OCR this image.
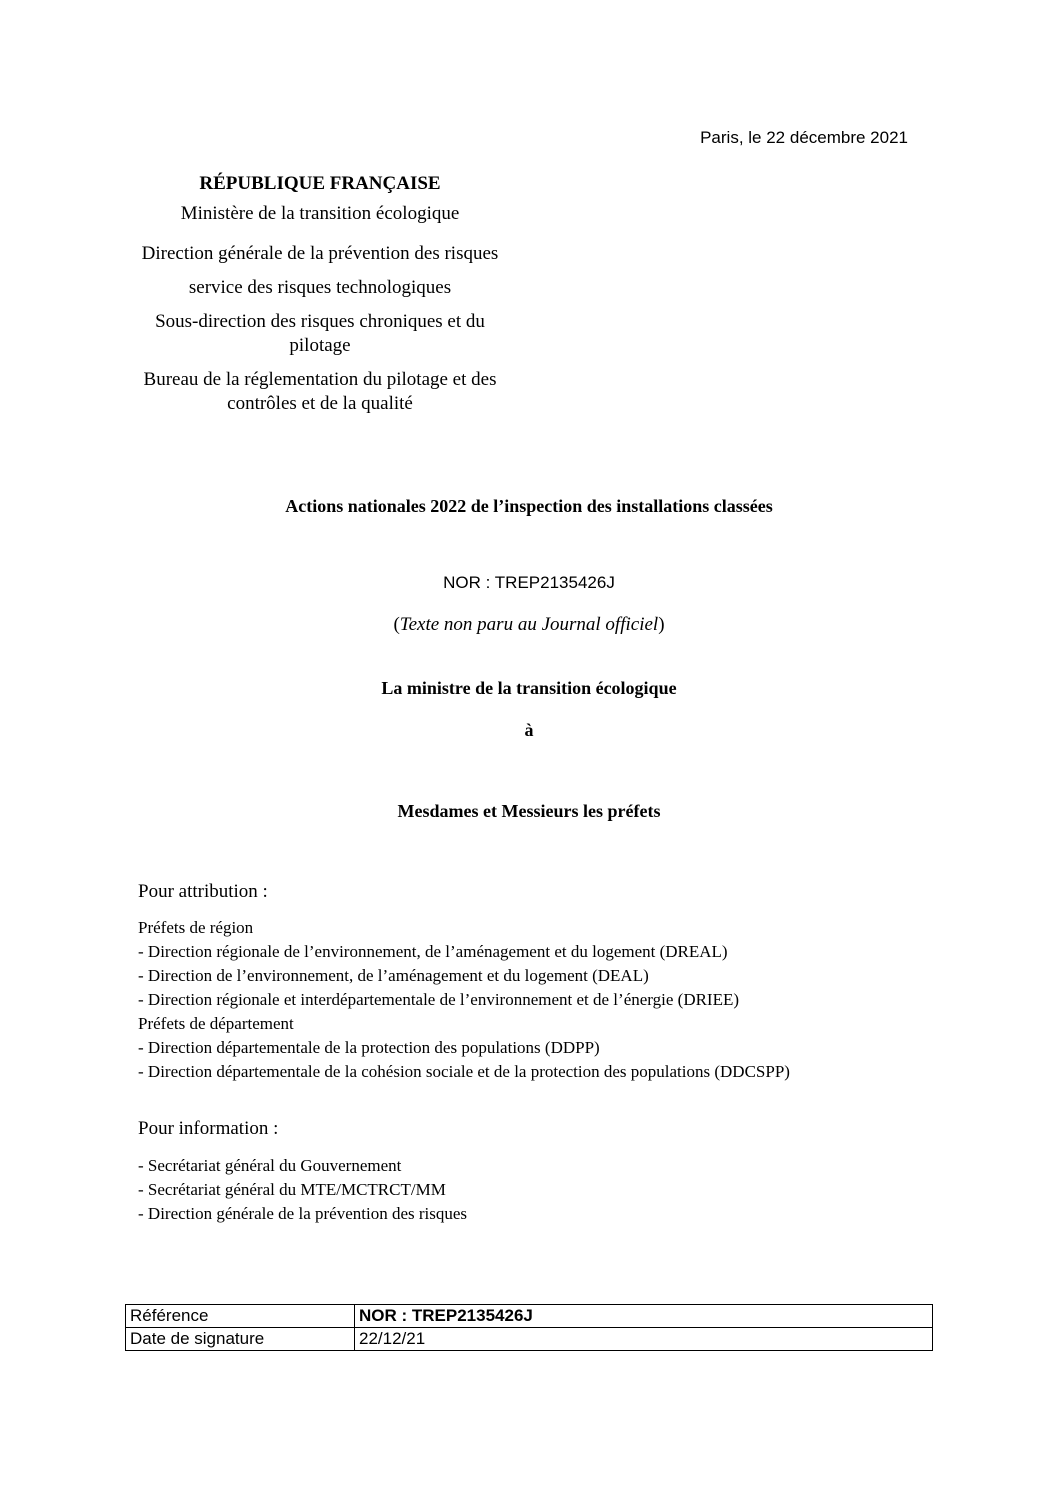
Paris, le 22 décembre 2021
RÉPUBLIQUE FRANÇAISE
Ministère de la transition écologique
Direction générale de la prévention des risques
service des risques technologiques
Sous-direction des risques chroniques et du pilotage
Bureau de la réglementation du pilotage et des contrôles et de la qualité
Actions nationales 2022 de l’inspection des installations classées
NOR : TREP2135426J
(Texte non paru au Journal officiel)
La ministre de la transition écologique
à
Mesdames et Messieurs les préfets
Pour attribution :
Préfets de région
- Direction régionale de l’environnement, de l’aménagement et du logement (DREAL)
- Direction de l’environnement, de l’aménagement et du logement (DEAL)
- Direction régionale et interdépartementale de l’environnement et de l’énergie (DRIEE)
Préfets de département
- Direction départementale de la protection des populations (DDPP)
- Direction départementale de la cohésion sociale et de la protection des populations (DDCSPP)
Pour information :
- Secrétariat général du Gouvernement
- Secrétariat général du MTE/MCTRCT/MM
- Direction générale de la prévention des risques
Référence	NOR : TREP2135426J
Date de signature	22/12/21
